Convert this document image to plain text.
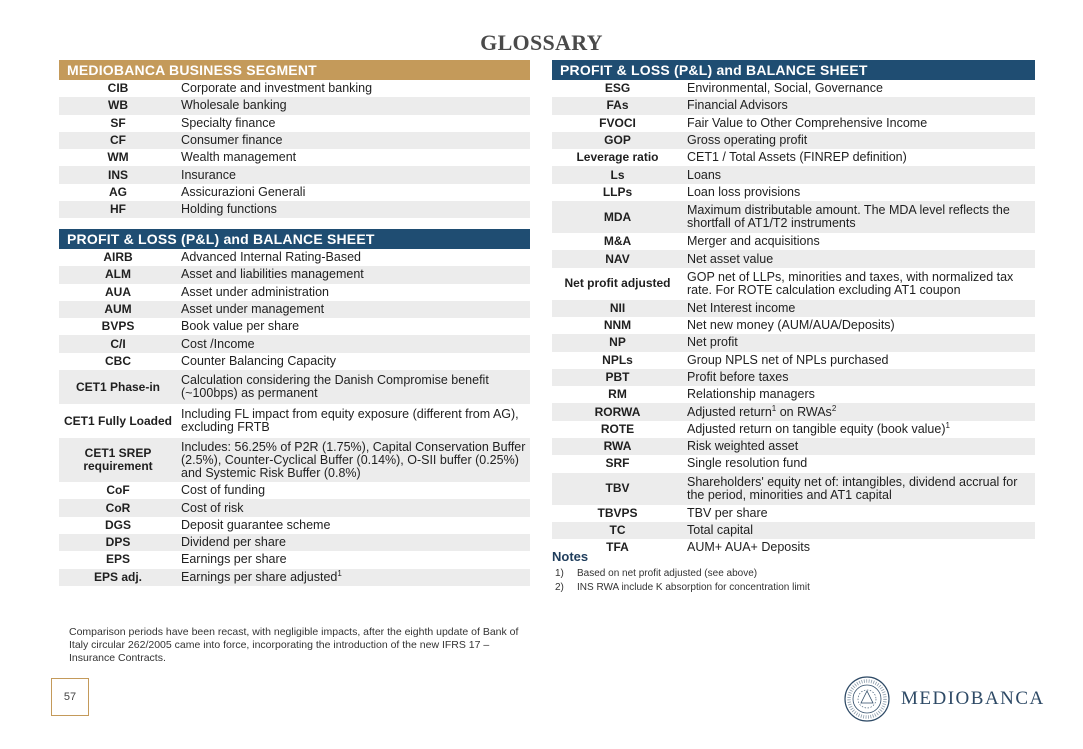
GLOSSARY
MEDIOBANCA BUSINESS SEGMENT
CIB	Corporate and investment banking
WB	Wholesale banking
SF	Specialty finance
CF	Consumer finance
WM	Wealth management
INS	Insurance
AG	Assicurazioni Generali
HF	Holding functions
PROFIT & LOSS (P&L) and BALANCE SHEET
AIRB	Advanced Internal Rating-Based
ALM	Asset and liabilities management
AUA	Asset under administration
AUM	Asset under management
BVPS	Book value per share
C/I	Cost /Income
CBC	Counter Balancing Capacity
CET1 Phase-in	Calculation considering the Danish Compromise benefit (~100bps) as permanent
CET1 Fully Loaded	Including FL impact from equity exposure (different from AG), excluding FRTB
CET1 SREP requirement	Includes: 56.25% of P2R (1.75%), Capital Conservation Buffer (2.5%), Counter-Cyclical Buffer (0.14%), O-SII buffer (0.25%) and Systemic Risk Buffer (0.8%)
CoF	Cost of funding
CoR	Cost of risk
DGS	Deposit guarantee scheme
DPS	Dividend per share
EPS	Earnings per share
EPS adj.	Earnings per share adjusted$^1$
PROFIT & LOSS (P&L) and BALANCE SHEET
ESG	Environmental, Social, Governance
FAs	Financial Advisors
FVOCI	Fair Value to Other Comprehensive Income
GOP	Gross operating profit
Leverage ratio	CET1 / Total Assets (FINREP definition)
Ls	Loans
LLPs	Loan loss provisions
MDA	Maximum distributable amount. The MDA level reflects the shortfall of AT1/T2 instruments
M&A	Merger and acquisitions
NAV	Net asset value
Net profit adjusted	GOP net of LLPs, minorities and taxes, with normalized tax rate. For ROTE calculation excluding AT1 coupon
NII	Net Interest income
NNM	Net new money (AUM/AUA/Deposits)
NP	Net profit
NPLs	Group NPLS net of NPLs purchased
PBT	Profit before taxes
RM	Relationship managers
RORWA	Adjusted return$^1$ on RWAs$^2$
ROTE	Adjusted return on tangible equity (book value)$^1$
RWA	Risk weighted asset
SRF	Single resolution fund
TBV	Shareholders' equity net of: intangibles, dividend accrual for the period, minorities and AT1 capital
TBVPS	TBV per share
TC	Total capital
TFA	AUM+ AUA+ Deposits
Notes
1) Based on net profit adjusted (see above)
2) INS RWA include K absorption for concentration limit
Comparison periods have been recast, with negligible impacts, after the eighth update of Bank of Italy circular 262/2005 came into force, incorporating the introduction of the new IFRS 17 – Insurance Contracts.
57	MEDIOBANCA
